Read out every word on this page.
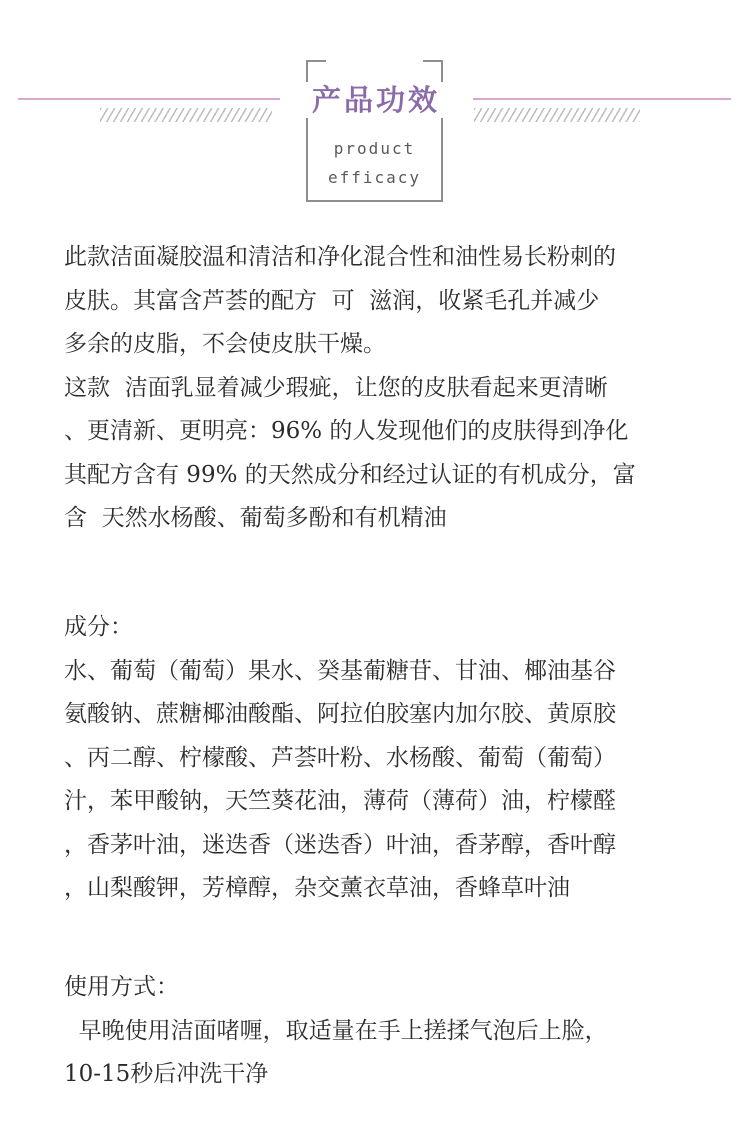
产品功效
product
efficacy

此款洁面凝胶温和清洁和净化混合性和油性易长粉刺的

皮肤。其富含芦荟的配方  可  滋润，收紧毛孔并减少

多余的皮脂，不会使皮肤干燥。

这款  洁面乳显着减少瑕疵，让您的皮肤看起来更清晰

、更清新、更明亮：96% 的人发现他们的皮肤得到净化

其配方含有 99% 的天然成分和经过认证的有机成分，富

含  天然水杨酸、葡萄多酚和有机精油

成分：

水、葡萄（葡萄）果水、癸基葡糖苷、甘油、椰油基谷

氨酸钠、蔗糖椰油酸酯、阿拉伯胶塞内加尔胶、黄原胶

、丙二醇、柠檬酸、芦荟叶粉、水杨酸、葡萄（葡萄）

汁，苯甲酸钠，天竺葵花油，薄荷（薄荷）油，柠檬醛

，香茅叶油，迷迭香（迷迭香）叶油，香茅醇，香叶醇

，山梨酸钾，芳樟醇，杂交薰衣草油，香蜂草叶油

使用方式：

早晚使用洁面啫喱，取适量在手上搓揉气泡后上脸，

10-15秒后冲洗干净
